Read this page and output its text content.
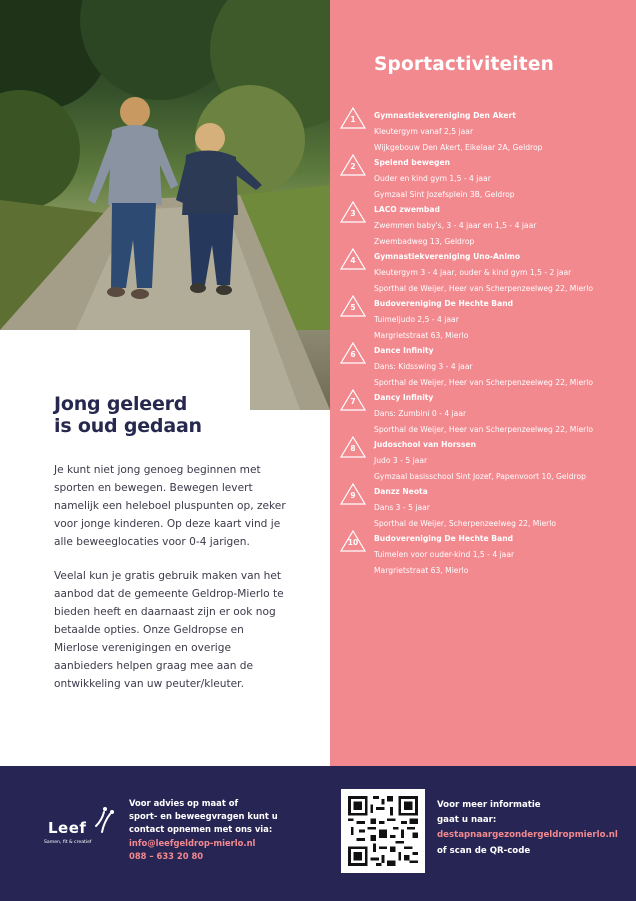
Jong geleerd
is oud gedaan

Je kunt niet jong genoeg beginnen met sporten en bewegen. Bewegen levert namelijk een heleboel pluspunten op, zeker voor jonge kinderen. Op deze kaart vind je alle beweeglocaties voor 0-4 jarigen.

Veelal kun je gratis gebruik maken van het aanbod dat de gemeente Geldrop-Mierlo te bieden heeft en daarnaast zijn er ook nog betaalde opties. Onze Geldropse en Mierlose verenigingen en overige aanbieders helpen graag mee aan de ontwikkeling van uw peuter/kleuter.

Sportactiviteiten
1	Gymnastiekvereniging Den Akert
Kleutergym vanaf 2,5 jaar
Wijkgebouw Den Akert, Eikelaar 2A, Geldrop
2	Spelend bewegen
Ouder en kind gym 1,5 - 4 jaar
Gymzaal Sint Jozefsplein 3B, Geldrop
3	LACO zwembad
Zwemmen baby's, 3 - 4 jaar en 1,5 - 4 jaar
Zwembadweg 13, Geldrop
4	Gymnastiekvereniging Uno-Animo
Kleutergym 3 - 4 jaar, ouder & kind gym 1,5 - 2 jaar
Sporthal de Weijer, Heer van Scherpenzeelweg 22, Mierlo
5	Budovereniging De Hechte Band
Tuimeljudo 2,5 - 4 jaar
Margrietstraat 63, Mierlo
6	Dance Infinity
Dans: Kidsswing 3 - 4 jaar
Sporthal de Weijer, Heer van Scherpenzeelweg 22, Mierlo
7	Dancy Infinity
Dans: Zumbini 0 - 4 jaar
Sporthal de Weijer, Heer van Scherpenzeelweg 22, Mierlo
8	Judoschool van Horssen
Judo 3 - 5 jaar
Gymzaal basisschool Sint Jozef, Papenvoort 10, Geldrop
9	Danzz Neota
Dans 3 - 5 jaar
Sporthal de Weijer, Scherpenzeelweg 22, Mierlo
10	Budovereniging De Hechte Band
Tuimelen voor ouder-kind 1,5 - 4 jaar
Margrietstraat 63, Mierlo
Leef
Samen, fit & creatief
Voor advies op maat of
sport- en beweegvragen kunt u
contact opnemen met ons via:
info@leefgeldrop-mierlo.nl
088 – 633 20 80
Voor meer informatie
gaat u naar:
destapnaargezondergeldropmierlo.nl
of scan de QR-code
